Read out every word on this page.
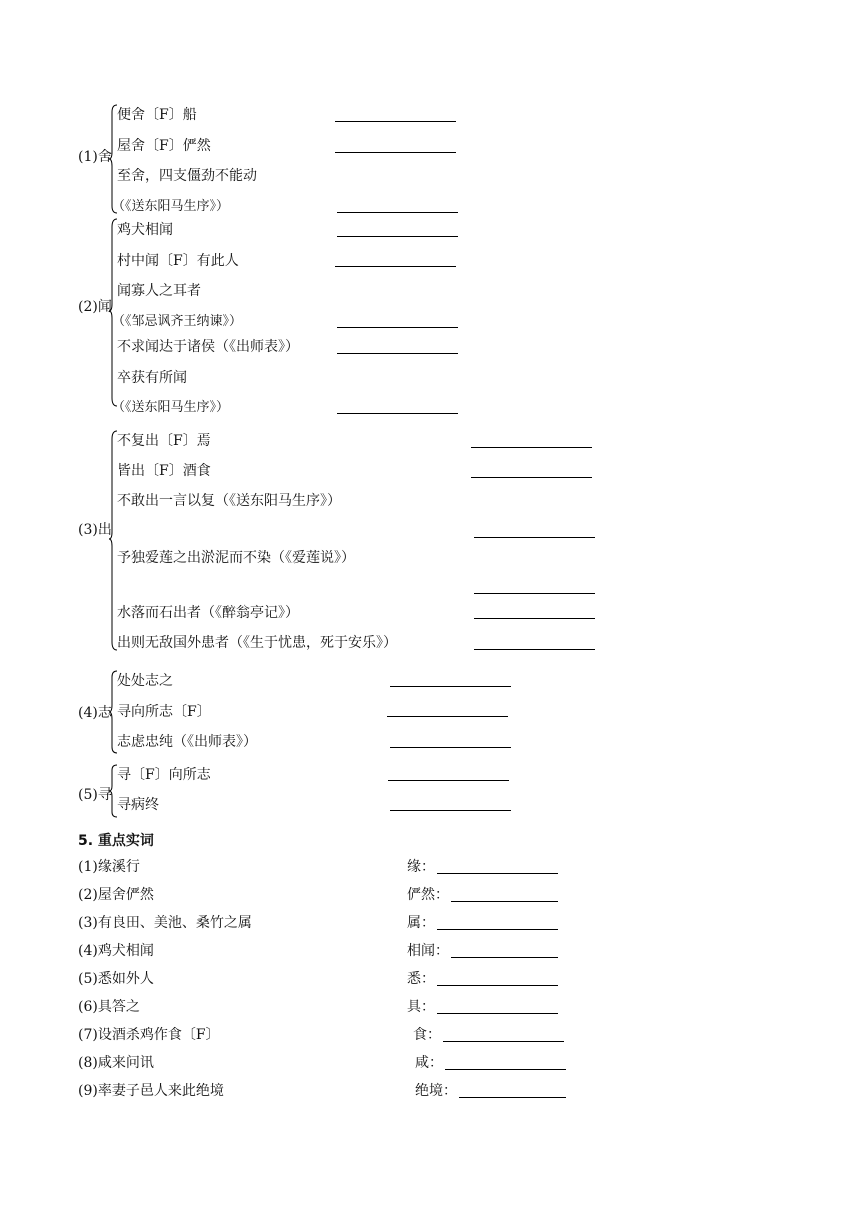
(1)舍
便舍〔F〕船
屋舍〔F〕俨然
至舍，四支僵劲不能动
（《送东阳马生序》）
(2)闻
鸡犬相闻
村中闻〔F〕有此人
闻寡人之耳者
（《邹忌讽齐王纳谏》）
不求闻达于诸侯（《出师表》）
卒获有所闻
（《送东阳马生序》）
(3)出
不复出〔F〕焉
皆出〔F〕酒食
不敢出一言以复（《送东阳马生序》）
予独爱莲之出淤泥而不染（《爱莲说》）
水落而石出者（《醉翁亭记》）
出则无敌国外患者（《生于忧患，死于安乐》）
(4)志
处处志之
寻向所志〔F〕
志虑忠纯（《出师表》）
(5)寻
寻〔F〕向所志
寻病终
5. 重点实词
(1)缘溪行	缘：
(2)屋舍俨然	俨然：
(3)有良田、美池、桑竹之属	属：
(4)鸡犬相闻	相闻：
(5)悉如外人	悉：
(6)具答之	具：
(7)设酒杀鸡作食〔F〕	食：
(8)咸来问讯	咸：
(9)率妻子邑人来此绝境	绝境：
